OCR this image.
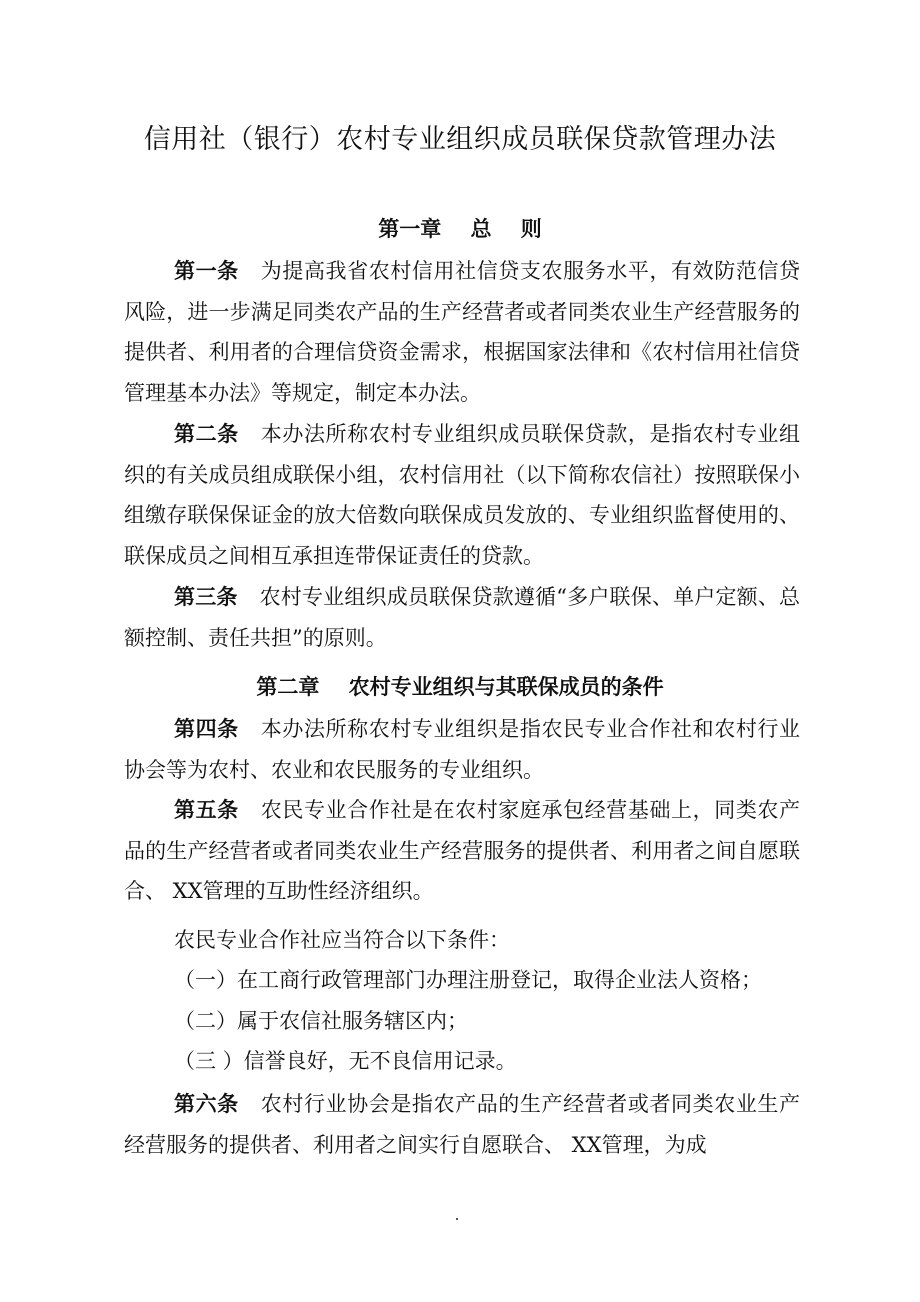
信用社（银行）农村专业组织成员联保贷款管理办法
第一章    总    则
第一条 为提高我省农村信用社信贷支农服务水平，有效防范信贷风险，进一步满足同类农产品的生产经营者或者同类农业生产经营服务的提供者、利用者的合理信贷资金需求，根据国家法律和《农村信用社信贷管理基本办法》等规定，制定本办法。
第二条 本办法所称农村专业组织成员联保贷款，是指农村专业组织的有关成员组成联保小组，农村信用社（以下简称农信社）按照联保小组缴存联保保证金的放大倍数向联保成员发放的、专业组织监督使用的、联保成员之间相互承担连带保证责任的贷款。
第三条 农村专业组织成员联保贷款遵循“多户联保、单户定额、总额控制、责任共担”的原则。
第二章    农村专业组织与其联保成员的条件
第四条 本办法所称农村专业组织是指农民专业合作社和农村行业协会等为农村、农业和农民服务的专业组织。
第五条 农民专业合作社是在农村家庭承包经营基础上，同类农产品的生产经营者或者同类农业生产经营服务的提供者、利用者之间自愿联合、 XX管理的互助性经济组织。
农民专业合作社应当符合以下条件：
（一）在工商行政管理部门办理注册登记，取得企业法人资格；
（二）属于农信社服务辖区内；
（三 ）信誉良好，无不良信用记录。
第六条 农村行业协会是指农产品的生产经营者或者同类农业生产经营服务的提供者、利用者之间实行自愿联合、 XX管理，为成
